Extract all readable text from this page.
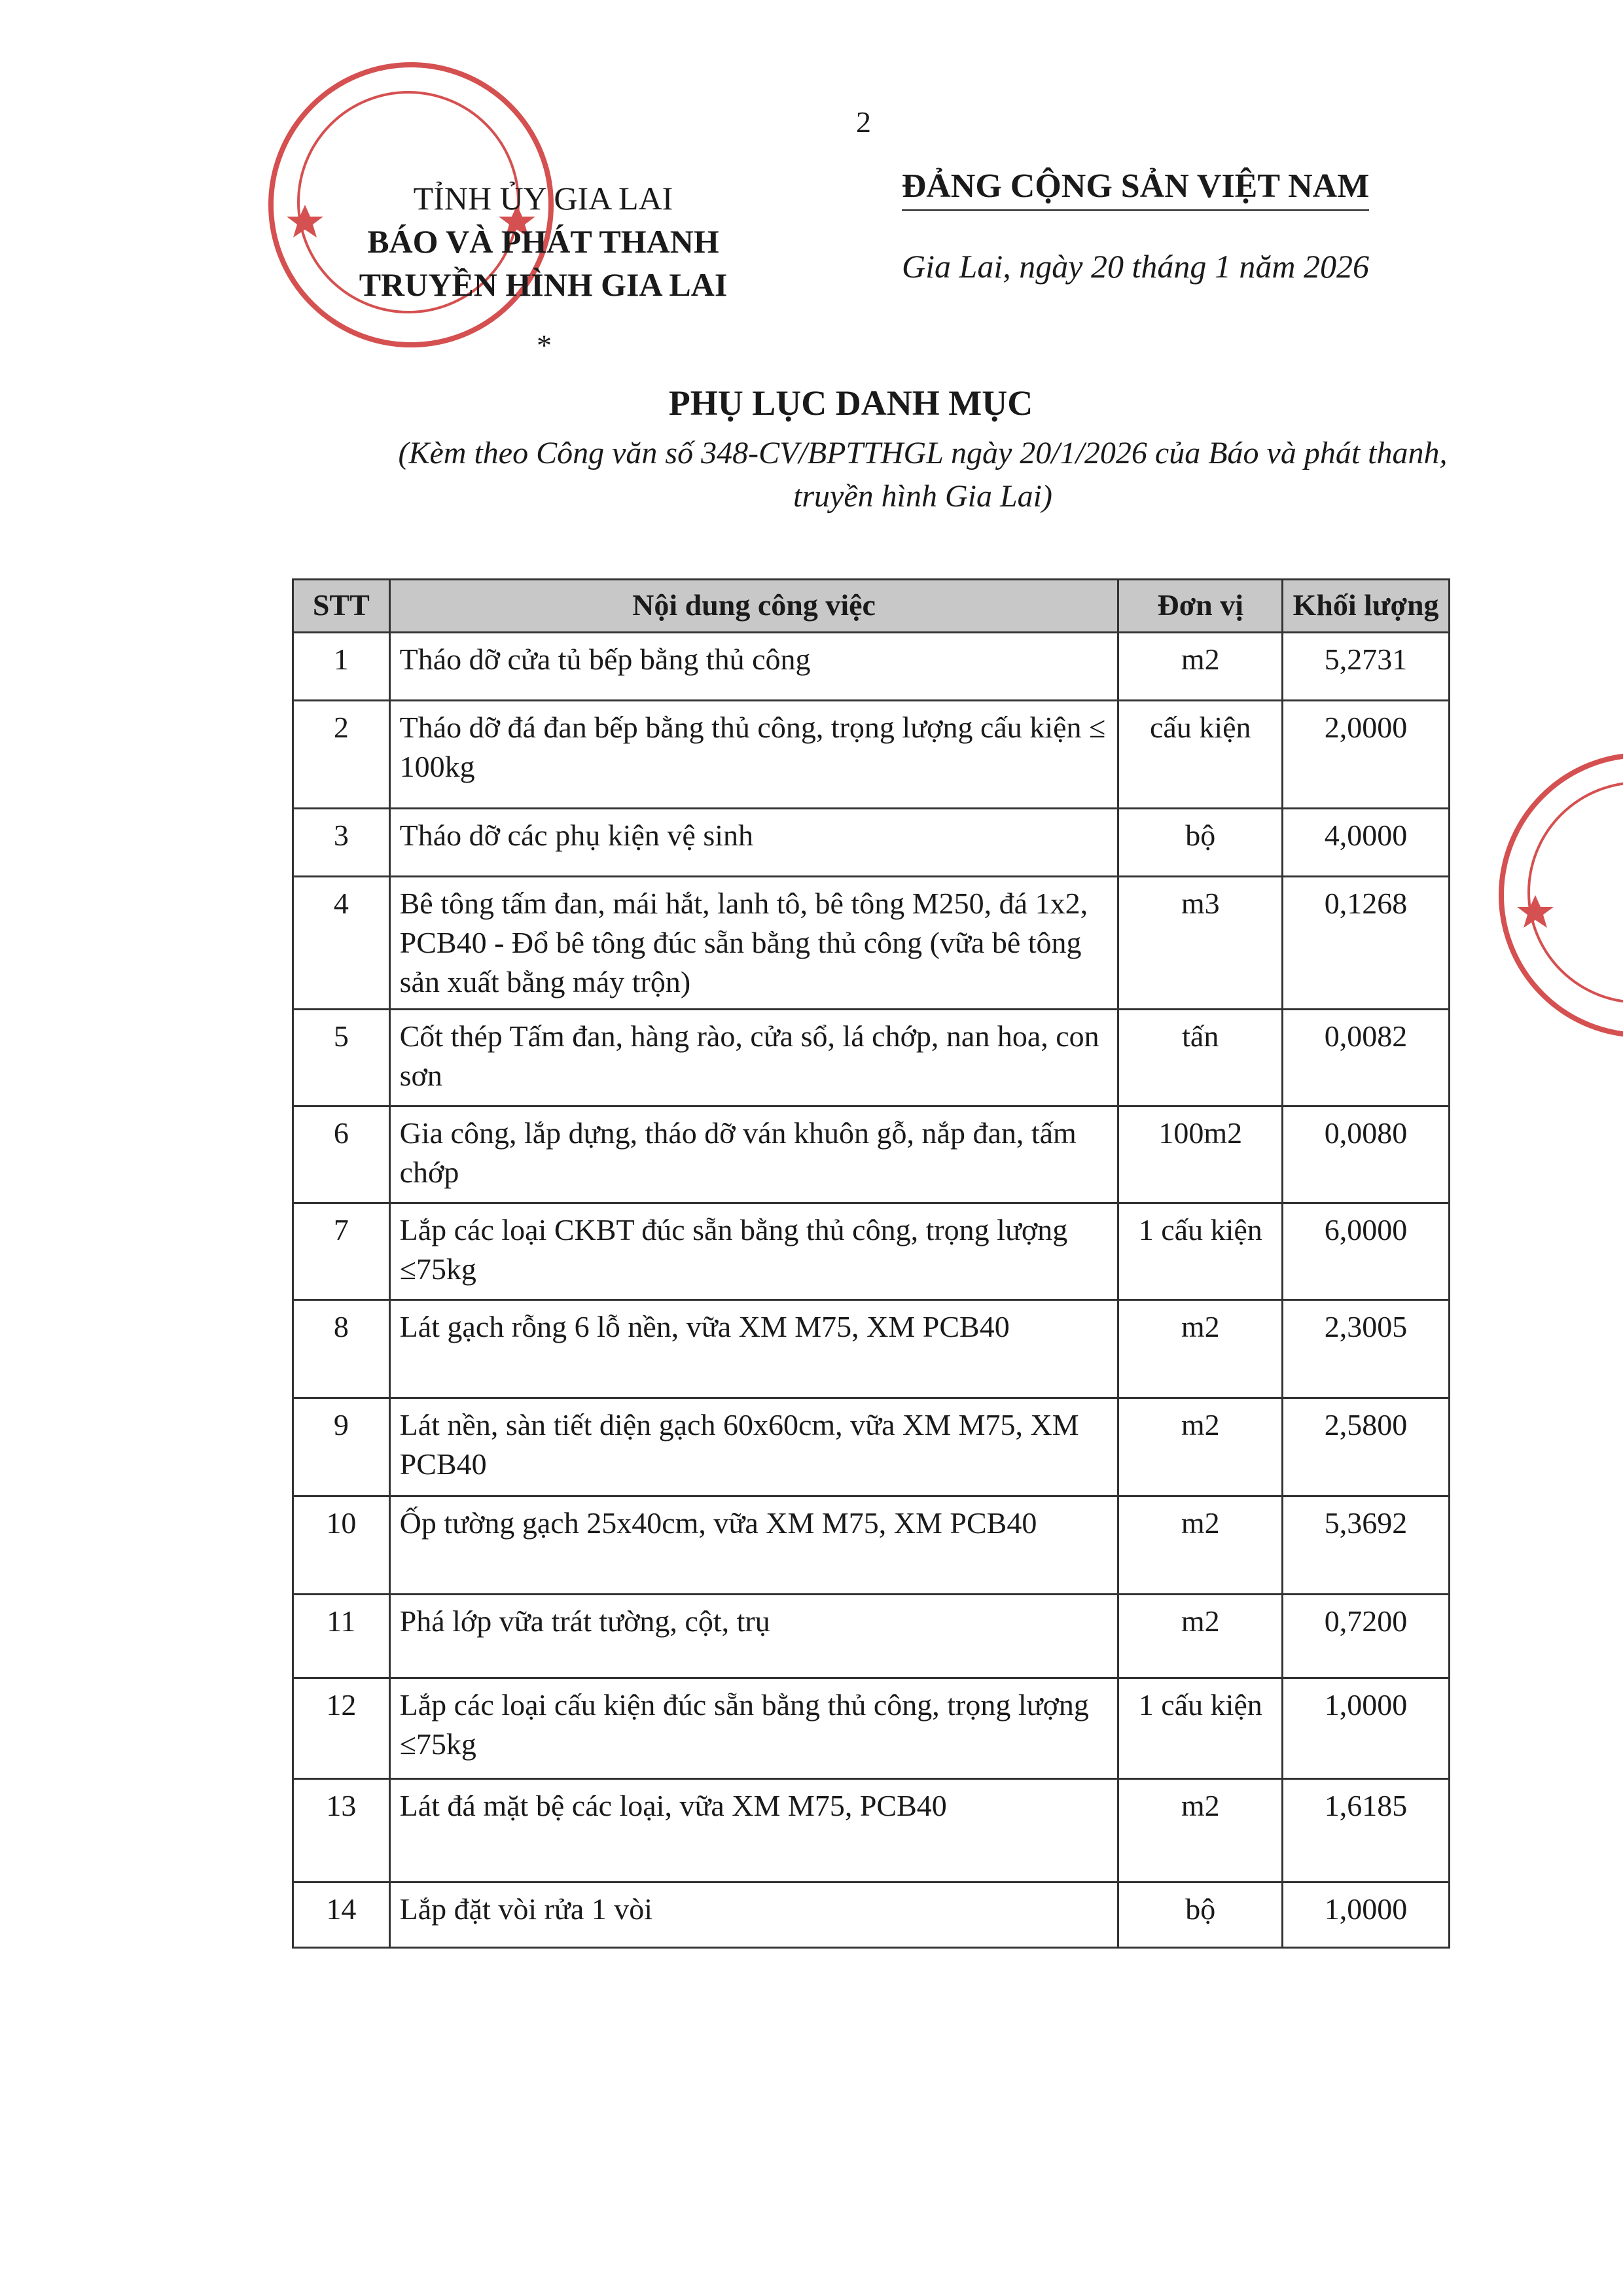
2
TỈNH ỦY GIA LAI
BÁO VÀ PHÁT THANH
TRUYỀN HÌNH GIA LAI
*
ĐẢNG CỘNG SẢN VIỆT NAM
Gia Lai, ngày 20 tháng 1 năm 2026
PHỤ LỤC DANH MỤC
(Kèm theo Công văn số 348-CV/BPTTHGL ngày 20/1/2026 của Báo và phát thanh, truyền hình Gia Lai)
STT	Nội dung công việc	Đơn vị	Khối lượng
1	Tháo dỡ cửa tủ bếp bằng thủ công	m2	5,2731
2	Tháo dỡ đá đan bếp bằng thủ công, trọng lượng cấu kiện ≤ 100kg	cấu kiện	2,0000
3	Tháo dỡ các phụ kiện vệ sinh	bộ	4,0000
4	Bê tông tấm đan, mái hắt, lanh tô, bê tông M250, đá 1x2, PCB40 - Đổ bê tông đúc sẵn bằng thủ công (vữa bê tông sản xuất bằng máy trộn)	m3	0,1268
5	Cốt thép Tấm đan, hàng rào, cửa sổ, lá chớp, nan hoa, con sơn	tấn	0,0082
6	Gia công, lắp dựng, tháo dỡ ván khuôn gỗ, nắp đan, tấm chớp	100m2	0,0080
7	Lắp các loại CKBT đúc sẵn bằng thủ công, trọng lượng ≤75kg	1 cấu kiện	6,0000
8	Lát gạch rỗng 6 lỗ nền, vữa XM M75, XM PCB40	m2	2,3005
9	Lát nền, sàn tiết diện gạch 60x60cm, vữa XM M75, XM PCB40	m2	2,5800
10	Ốp tường gạch 25x40cm, vữa XM M75, XM PCB40	m2	5,3692
11	Phá lớp vữa trát tường, cột, trụ	m2	0,7200
12	Lắp các loại cấu kiện đúc sẵn bằng thủ công, trọng lượng ≤75kg	1 cấu kiện	1,0000
13	Lát đá mặt bệ các loại, vữa XM M75, PCB40	m2	1,6185
14	Lắp đặt vòi rửa 1 vòi	bộ	1,0000
